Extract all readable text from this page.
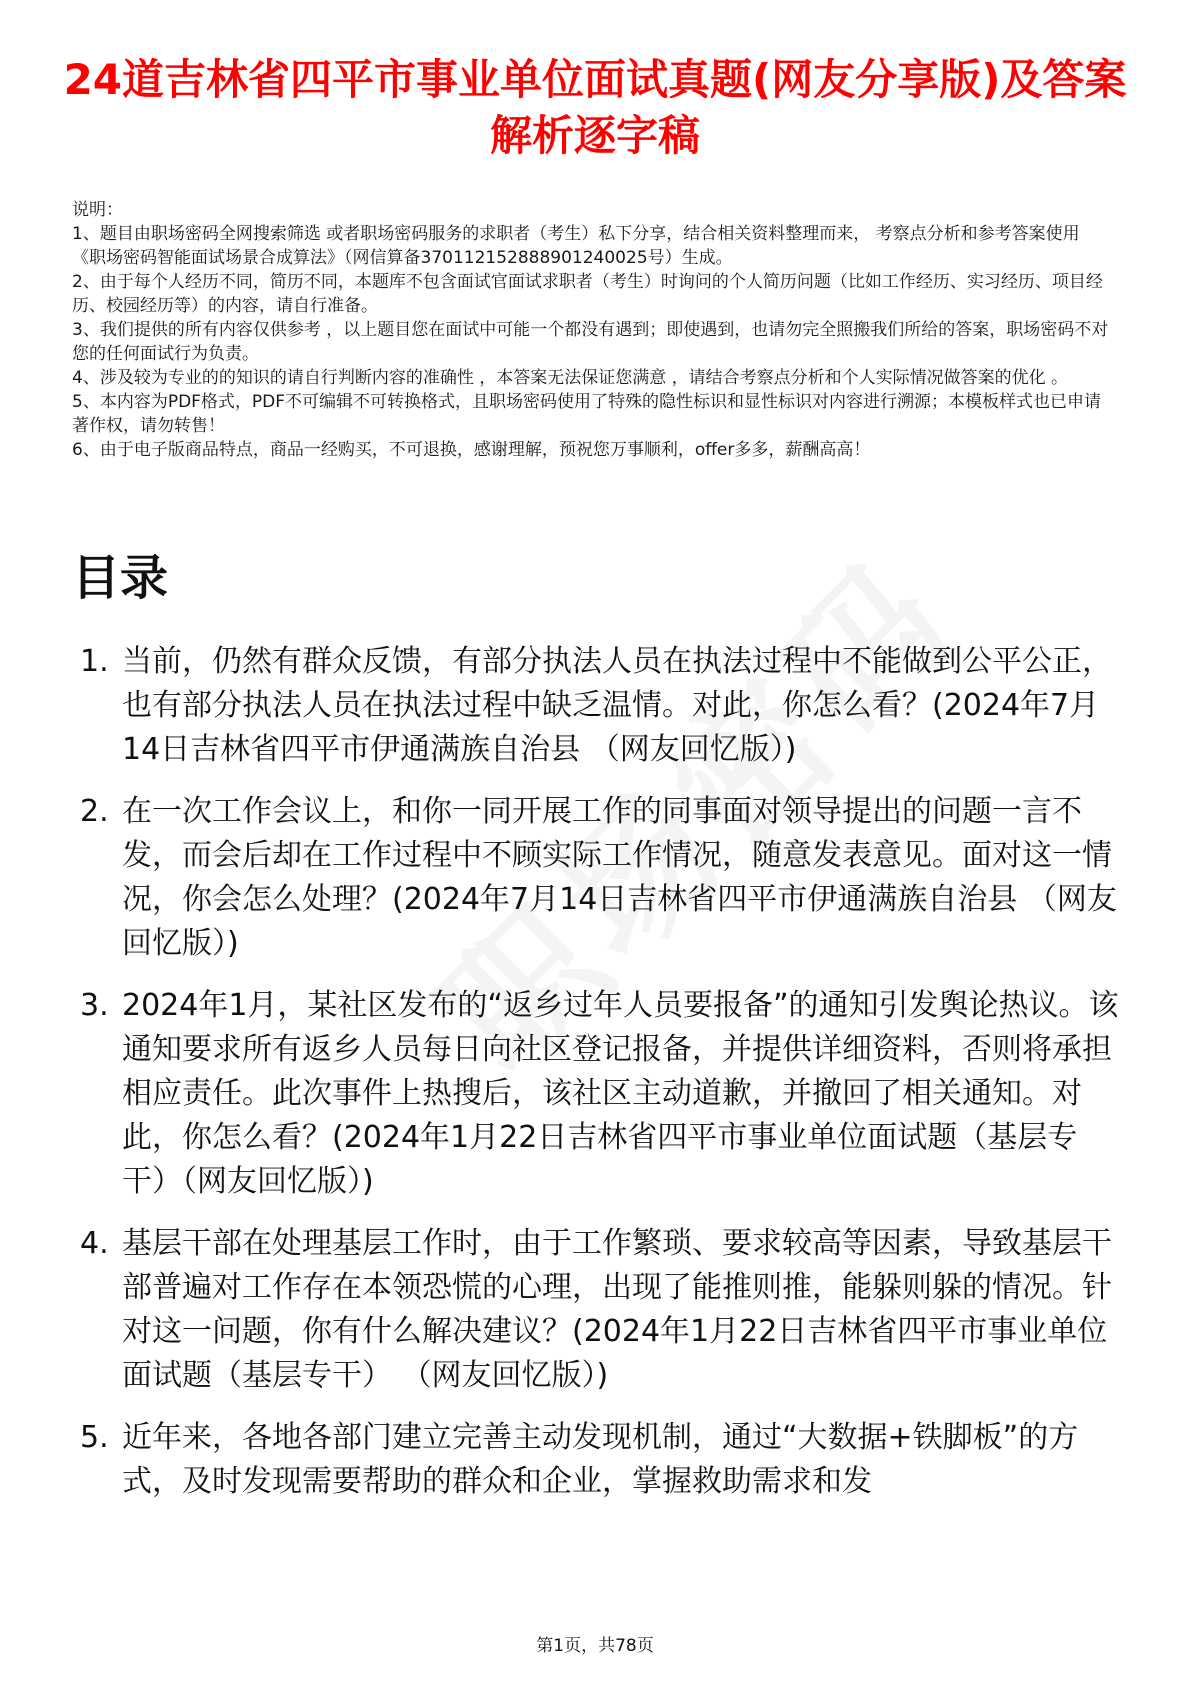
24道吉林省四平市事业单位面试真题(网友分享版)及答案解析逐字稿

说明：

1、题目由职场密码全网搜索筛选 或者职场密码服务的求职者（考生）私下分享，结合相关资料整理而来， 考察点分析和参考答案使用《职场密码智能面试场景合成算法》（网信算备370112152888901240025号）生成。

2、由于每个人经历不同，简历不同，本题库不包含面试官面试求职者（考生）时询问的个人简历问题（比如工作经历、实习经历、项目经历、校园经历等）的内容，请自行准备。

3、我们提供的所有内容仅供参考 ，以上题目您在面试中可能一个都没有遇到；即使遇到，也请勿完全照搬我们所给的答案，职场密码不对您的任何面试行为负责。

4、涉及较为专业的的知识的请自行判断内容的准确性 ，本答案无法保证您满意 ，请结合考察点分析和个人实际情况做答案的优化 。

5、本内容为PDF格式，PDF不可编辑不可转换格式，且职场密码使用了特殊的隐性标识和显性标识对内容进行溯源；本模板样式也已申请著作权，请勿转售！

6、由于电子版商品特点，商品一经购买，不可退换，感谢理解，预祝您万事顺利，offer多多，薪酬高高！

目录
1. 当前，仍然有群众反馈，有部分执法人员在执法过程中不能做到公平公正，也有部分执法人员在执法过程中缺乏温情。对此，你怎么看？(2024年7月14日吉林省四平市伊通满族自治县 （网友回忆版）)
2. 在一次工作会议上，和你一同开展工作的同事面对领导提出的问题一言不发，而会后却在工作过程中不顾实际工作情况，随意发表意见。面对这一情况，你会怎么处理？(2024年7月14日吉林省四平市伊通满族自治县 （网友回忆版）)
3. 2024年1月，某社区发布的“返乡过年人员要报备”的通知引发舆论热议。该通知要求所有返乡人员每日向社区登记报备，并提供详细资料，否则将承担相应责任。此次事件上热搜后，该社区主动道歉，并撤回了相关通知。对此，你怎么看？(2024年1月22日吉林省四平市事业单位面试题（基层专干）（网友回忆版）)
4. 基层干部在处理基层工作时，由于工作繁琐、要求较高等因素，导致基层干部普遍对工作存在本领恐慌的心理，出现了能推则推，能躲则躲的情况。针对这一问题，你有什么解决建议？(2024年1月22日吉林省四平市事业单位面试题（基层专干） （网友回忆版）)
5. 近年来，各地各部门建立完善主动发现机制，通过“大数据+铁脚板”的方式，及时发现需要帮助的群众和企业，掌握救助需求和发
第1页，共78页
